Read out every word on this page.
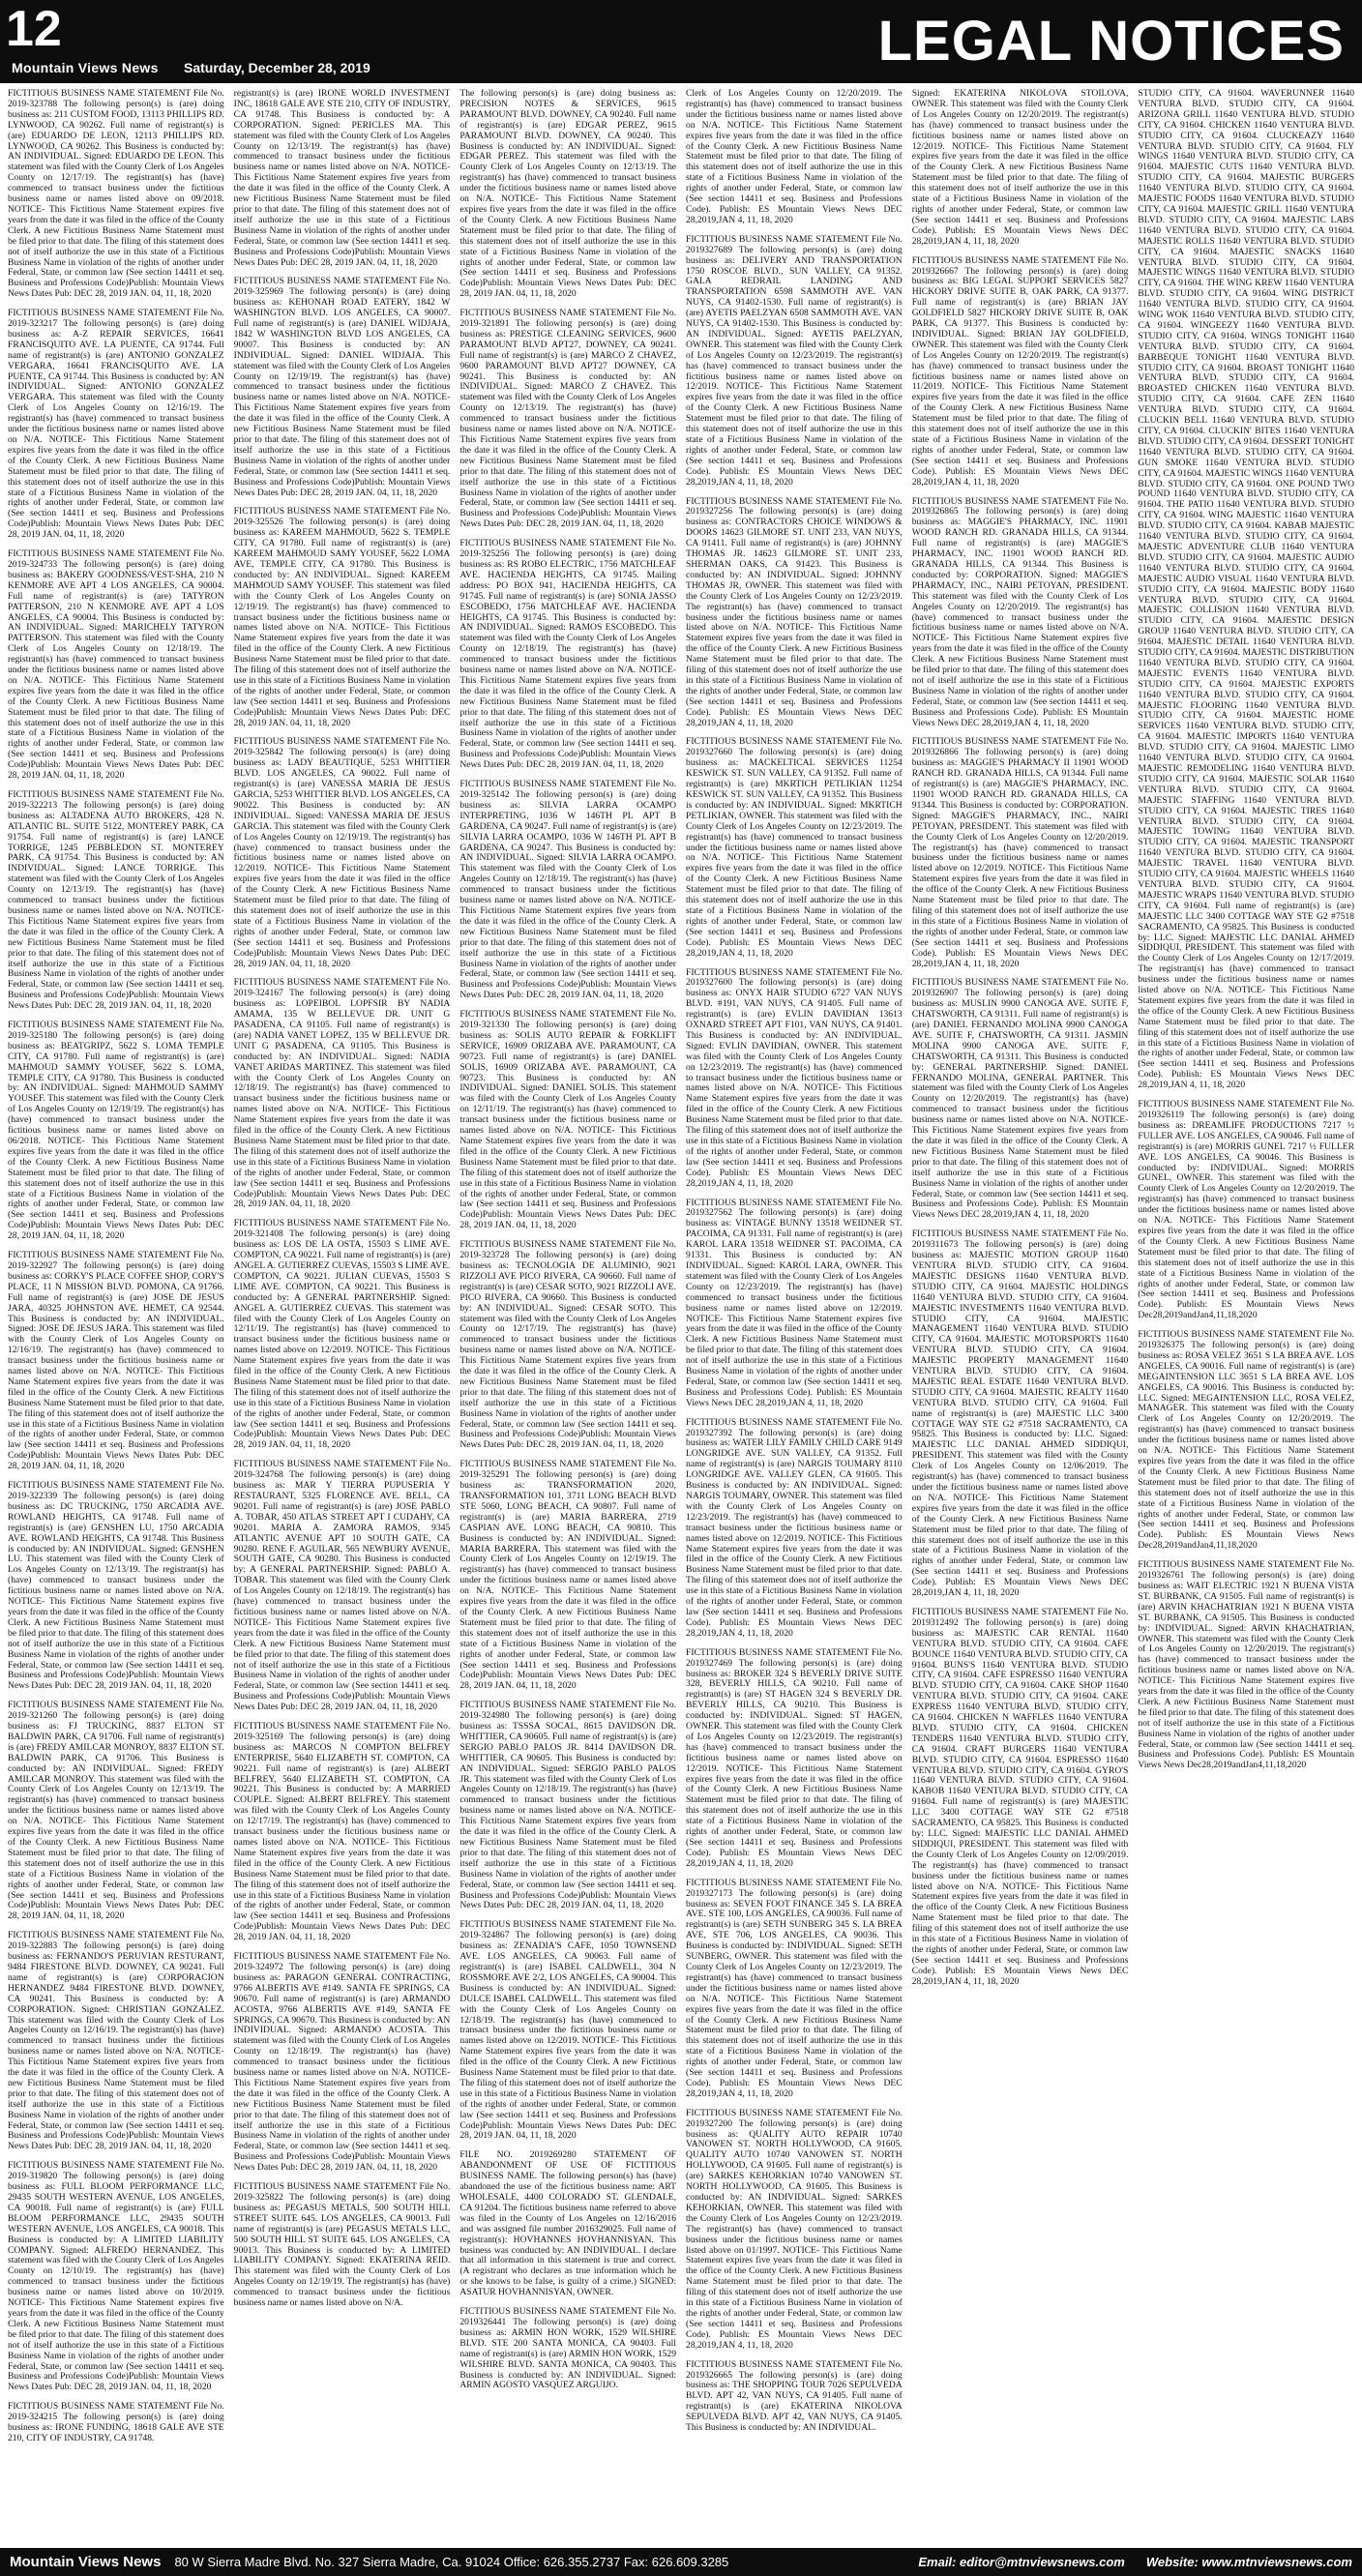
12
Mountain Views News Saturday, December 28, 2019	LEGAL NOTICES
FICTITIOUS BUSINESS NAME STATEMENT File No. 2019-323788 The following person(s) is (are) doing business as: 211 CUSTOM FOOD, 13113 PHILLIPS RD. LYNWOOD, CA 90262. Full name of registrant(s) is (are) EDUARDO DE LEON, 12113 PHILLIPS RD. LYNWOOD, CA 90262. This Business is conducted by: AN INDIVIDUAL. Signed: EDUARDO DE LEON. This statement was filed with the County Clerk of Los Angeles County on 12/17/19. The registrant(s) has (have) commenced to transact business under the fictitious business name or names listed above on 09/2018. NOTICE- This Fictitious Name Statement expires five years from the date it was filed in the office of the County Clerk. A new Fictitious Business Name Statement must be filed prior to that date. The filing of this statement does not of itself authorize the use in this state of a Fictitious Business Name in violation of the rights of another under Federal, State, or common law (See section 14411 et seq. Business and Professions Code)Publish: Mountain Views News Dates Pub: DEC 28, 2019 JAN. 04, 11, 18, 2020
FICTITIOUS BUSINESS NAME STATEMENT File No. 2019-323217 The following person(s) is (are) doing business as: A-Z REPAIR SERVICES, 16641 FRANCISQUITO AVE. LA PUENTE, CA 91744. Full name of registrant(s) is (are) ANTONIO GONZALEZ VERGARA, 16641 FRANCISQUITO AVE. LA PUENTE, CA 91744. This Business is conducted by: AN INDIVIDUAL. Signed: ANTONIO GONZALEZ VERGARA. This statement was filed with the County Clerk of Los Angeles County on 12/16/19. The registrant(s) has (have) commenced to transact business under the fictitious business name or names listed above on N/A. NOTICE- This Fictitious Name Statement expires five years from the date it was filed in the office of the County Clerk. A new Fictitious Business Name Statement must be filed prior to that date. The filing of this statement does not of itself authorize the use in this state of a Fictitious Business Name in violation of the rights of another under Federal, State, or common law (See section 14411 et seq. Business and Professions Code)Publish: Mountain Views News Dates Pub: DEC 28, 2019 JAN. 04, 11, 18, 2020
FICTITIOUS BUSINESS NAME STATEMENT File No. 2019-324733 The following person(s) is (are) doing business as: BAKERY GOODNESS/VEST-SHA, 210 N KENMORE AVE APT 4 LOS ANGELES, CA 90004. Full name of registrant(s) is (are) TATYRON PATTERSON, 210 N KENMORE AVE APT 4 LOS ANGELES, CA 90004. This Business is conducted by: AN INDIVIDUAL. Signed: MARICHELY TATYRON PATTERSON. This statement was filed with the County Clerk of Los Angeles County on 12/18/19. The registrant(s) has (have) commenced to transact business under the fictitious business name or names listed above on N/A. NOTICE- This Fictitious Name Statement expires five years from the date it was filed in the office of the County Clerk. A new Fictitious Business Name Statement must be filed prior to that date. The filing of this statement does not of itself authorize the use in this state of a Fictitious Business Name in violation of the rights of another under Federal, State, or common law (See section 14411 et seq. Business and Professions Code)Publish: Mountain Views News Dates Pub: DEC 28, 2019 JAN. 04, 11, 18, 2020
FICTITIOUS BUSINESS NAME STATEMENT File No. 2019-322213 The following person(s) is (are) doing business as: ALTADENA AUTO BROKERS, 428 N. ATLANTIC BL. SUITE 5122, MONTEREY PARK, CA 91754. Full name of registrant(s) is (are) LANCE TORRIGE, 1245 PEBBLEDON ST. MONTEREY PARK, CA 91754. This Business is conducted by: AN INDIVIDUAL. Signed: LANCE TORRIGE. This statement was filed with the County Clerk of Los Angeles County on 12/13/19. The registrant(s) has (have) commenced to transact business under the fictitious business name or names listed above on N/A. NOTICE- This Fictitious Name Statement expires five years from the date it was filed in the office of the County Clerk. A new Fictitious Business Name Statement must be filed prior to that date. The filing of this statement does not of itself authorize the use in this state of a Fictitious Business Name in violation of the rights of another under Federal, State, or common law (See section 14411 et seq. Business and Professions Code)Publish: Mountain Views News Dates Pub: DEC 28, 2019 JAN. 04, 11, 18, 2020
FICTITIOUS BUSINESS NAME STATEMENT File No. 2019-325180 The following person(s) is (are) doing business as: BEATGRIPZ, 5622 S. LOMA TEMPLE CITY, CA 91780. Full name of registrant(s) is (are) MAHMOUD SAMMY YOUSEF, 5622 S. LOMA, TEMPLE CITY, CA 91780. This Business is conducted by: AN INDIVIDUAL. Signed: MAHMOUD SAMMY YOUSEF. This statement was filed with the County Clerk of Los Angeles County on 12/19/19. The registrant(s) has (have) commenced to transact business under the fictitious business name or names listed above on 06/2018. NOTICE- This Fictitious Name Statement expires five years from the date it was filed in the office of the County Clerk. A new Fictitious Business Name Statement must be filed prior to that date. The filing of this statement does not of itself authorize the use in this state of a Fictitious Business Name in violation of the rights of another under Federal, State, or common law (See section 14411 et seq. Business and Professions Code)Publish: Mountain Views News Dates Pub: DEC 28, 2019 JAN. 04, 11, 18, 2020
FICTITIOUS BUSINESS NAME STATEMENT File No. 2019-322927 The following person(s) is (are) doing business as: CORKY'S PLACE COFFEE SHOP, CORY'S PLACE, 11 N MISSION BLVD. POMONA, CA 91766. Full name of registrant(s) is (are) JOSE DE JESUS JARA, 40325 JOHNSTON AVE. HEMET, CA 92544. This Business is conducted by: AN INDIVIDUAL. Signed: JOSE DE JESUS JARA. This statement was filed with the County Clerk of Los Angeles County on 12/16/19. The registrant(s) has (have) commenced to transact business under the fictitious business name or names listed above on N/A. NOTICE- This Fictitious Name Statement expires five years from the date it was filed in the office of the County Clerk. A new Fictitious Business Name Statement must be filed prior to that date. The filing of this statement does not of itself authorize the use in this state of a Fictitious Business Name in violation of the rights of another under Federal, State, or common law (See section 14411 et seq. Business and Professions Code)Publish: Mountain Views News Dates Pub: DEC 28, 2019 JAN. 04, 11, 18, 2020
FICTITIOUS BUSINESS NAME STATEMENT File No. 2019-322339 The following person(s) is (are) doing business as: DC TRUCKING, 1750 ARCADIA AVE. ROWLAND HEIGHTS, CA 91748. Full name of registrant(s) is (are) GENSHEN LU, 1750 ARCADIA AVE. ROWLAND HEIGHTS, CA 91748. This Business is conducted by: AN INDIVIDUAL. Signed: GENSHEN LU. This statement was filed with the County Clerk of Los Angeles County on 12/13/19. The registrant(s) has (have) commenced to transact business under the fictitious business name or names listed above on N/A. NOTICE- This Fictitious Name Statement expires five years from the date it was filed in the office of the County Clerk. A new Fictitious Business Name Statement must be filed prior to that date. The filing of this statement does not of itself authorize the use in this state of a Fictitious Business Name in violation of the rights of another under Federal, State, or common law (See section 14411 et seq. Business and Professions Code)Publish: Mountain Views News Dates Pub: DEC 28, 2019 JAN. 04, 11, 18, 2020
FICTITIOUS BUSINESS NAME STATEMENT File No. 2019-321260 The following person(s) is (are) doing business as: FJ TRUCKING, 8837 ELTON ST BALDWIN PARK, CA 91706. Full name of registrant(s) is (are) FREDY AMILCAR MONROY, 8837 ELTON ST. BALDWIN PARK, CA 91706. This Business is conducted by: AN INDIVIDUAL. Signed: FREDY AMILCAR MONROY. This statement was filed with the County Clerk of Los Angeles County on 12/13/19. The registrant(s) has (have) commenced to transact business under the fictitious business name or names listed above on N/A. NOTICE- This Fictitious Name Statement expires five years from the date it was filed in the office of the County Clerk. A new Fictitious Business Name Statement must be filed prior to that date. The filing of this statement does not of itself authorize the use in this state of a Fictitious Business Name in violation of the rights of another under Federal, State, or common law (See section 14411 et seq. Business and Professions Code)Publish: Mountain Views News Dates Pub: DEC 28, 2019 JAN. 04, 11, 18, 2020
FICTITIOUS BUSINESS NAME STATEMENT File No. 2019-322883 The following person(s) is (are) doing business as: FERNANDO'S PERUVIAN RESTURANT, 9484 FIRESTONE BLVD. DOWNEY, CA 90241. Full name of registrant(s) is (are) CORPORACION HERNANDEZ 9484 FIRESTONE BLVD. DOWNEY, CA 90241. This Business is conducted by: A CORPORATION. Signed: CHRISTIAN GONZALEZ. This statement was filed with the County Clerk of Los Angeles County on 12/16/19. The registrant(s) has (have) commenced to transact business under the fictitious business name or names listed above on N/A. NOTICE- This Fictitious Name Statement expires five years from the date it was filed in the office of the County Clerk. A new Fictitious Business Name Statement must be filed prior to that date. The filing of this statement does not of itself authorize the use in this state of a Fictitious Business Name in violation of the rights of another under Federal, State, or common law (See section 14411 et seq. Business and Professions Code)Publish: Mountain Views News Dates Pub: DEC 28, 2019 JAN. 04, 11, 18, 2020
FICTITIOUS BUSINESS NAME STATEMENT File No. 2019-319820 The following person(s) is (are) doing business as: FULL BLOOM PERFORMANCE LLC, 29435 SOUTH WESTERN AVENUE, LOS ANGELES, CA 90018. Full name of registrant(s) is (are) FULL BLOOM PERFORMANCE LLC, 29435 SOUTH WESTERN AVENUE, LOS ANGELES, CA 90018. This Business is conducted by: A LIMITED LIABILITY COMPANY. Signed: ALFREDO HERNANDEZ. This statement was filed with the County Clerk of Los Angeles County on 12/10/19. The registrant(s) has (have) commenced to transact business under the fictitious business name or names listed above on 10/2019. NOTICE- This Fictitious Name Statement expires five years from the date it was filed in the office of the County Clerk. A new Fictitious Business Name Statement must be filed prior to that date. The filing of this statement does not of itself authorize the use in this state of a Fictitious Business Name in violation of the rights of another under Federal, State, or common law (See section 14411 et seq. Business and Professions Code)Publish: Mountain Views News Dates Pub: DEC 28, 2019 JAN. 04, 11, 18, 2020
FICTITIOUS BUSINESS NAME STATEMENT File No. 2019-324215 The following person(s) is (are) doing business as: IRONE FUNDING, 18618 GALE AVE STE 210, CITY OF INDUSTRY, CA 91748.
registrant(s) is (are) IRONE WORLD INVESTMENT INC, 18618 GALE AVE STE 210, CITY OF INDUSTRY, CA 91748. This Business is conducted by: A CORPORATION. Signed: PERICLES MA. This statement was filed with the County Clerk of Los Angeles County on 12/13/19. The registrant(s) has (have) commenced to transact business under the fictitious business name or names listed above on N/A. NOTICE- This Fictitious Name Statement expires five years from the date it was filed in the office of the County Clerk. A new Fictitious Business Name Statement must be filed prior to that date. The filing of this statement does not of itself authorize the use in this state of a Fictitious Business Name in violation of the rights of another under Federal, State, or common law (See section 14411 et seq. Business and Professions Code)Publish: Mountain Views News Dates Pub: DEC 28, 2019 JAN. 04, 11, 18, 2020
FICTITIOUS BUSINESS NAME STATEMENT File No. 2019-325969 The following person(s) is (are) doing business as: KEHONAH ROAD EATERY, 1842 W WASHINGTON BLVD. LOS ANGELES, CA 90007. Full name of registrant(s) is (are) DANIEL WIDJAJA, 1842 W WASHINGTON BLVD LOS ANGELES, CA 90007. This Business is conducted by: AN INDIVIDUAL. Signed: DANIEL WIDJAJA. This statement was filed with the County Clerk of Los Angeles County on 12/19/19. The registrant(s) has (have) commenced to transact business under the fictitious business name or names listed above on N/A. NOTICE- This Fictitious Name Statement expires five years from the date it was filed in the office of the County Clerk. A new Fictitious Business Name Statement must be filed prior to that date. The filing of this statement does not of itself authorize the use in this state of a Fictitious Business Name in violation of the rights of another under Federal, State, or common law (See section 14411 et seq. Business and Professions Code)Publish: Mountain Views News Dates Pub: DEC 28, 2019 JAN. 04, 11, 18, 2020
FICTITIOUS BUSINESS NAME STATEMENT File No. 2019-325526 The following person(s) is (are) doing business as: KAREEM MAHMOUD, 5622 S. TEMPLE CITY, CA 91780. Full name of registrant(s) is (are) KAREEM MAHMOUD SAMY YOUSEF, 5622 LOMA AVE, TEMPLE CITY, CA 91780. This Business is conducted by: AN INDIVIDUAL. Signed: KAREEM MAHMOUD SAMY YOUSEF. This statement was filed with the County Clerk of Los Angeles County on 12/19/19. The registrant(s) has (have) commenced to transact business under the fictitious business name or names listed above on N/A. NOTICE- This Fictitious Name Statement expires five years from the date it was filed in the office of the County Clerk. A new Fictitious Business Name Statement must be filed prior to that date. The filing of this statement does not of itself authorize the use in this state of a Fictitious Business Name in violation of the rights of another under Federal, State, or common law (See section 14411 et seq. Business and Professions Code)Publish: Mountain Views News Dates Pub: DEC 28, 2019 JAN. 04, 11, 18, 2020
FICTITIOUS BUSINESS NAME STATEMENT File No. 2019-325842 The following person(s) is (are) doing business as: LADY BEAUTIQUE, 5253 WHITTIER BLVD. LOS ANGELES, CA 90022. Full name of registrant(s) is (are) VANESSA MARIA DE JESUS GARCIA, 5253 WHITTIER BLVD. LOS ANGELES, CA 90022. This Business is conducted by: AN INDIVIDUAL. Signed: VANESSA MARIA DE JESUS GARCIA. This statement was filed with the County Clerk of Los Angeles County on 12/19/19. The registrant(s) has (have) commenced to transact business under the fictitious business name or names listed above on 12/2019. NOTICE- This Fictitious Name Statement expires five years from the date it was filed in the office of the County Clerk. A new Fictitious Business Name Statement must be filed prior to that date. The filing of this statement does not of itself authorize the use in this state of a Fictitious Business Name in violation of the rights of another under Federal, State, or common law (See section 14411 et seq. Business and Professions Code)Publish: Mountain Views News Dates Pub: DEC 28, 2019 JAN. 04, 11, 18, 2020
FICTITIOUS BUSINESS NAME STATEMENT File No. 2019-324167 The following person(s) is (are) doing business as: LOPEIBOL LOPFSIR BY NADIA AMAMA, 135 W BELLEVUE DR. UNIT G PASADENA, CA 91105. Full name of registrant(s) is (are) NADIA VANET LOPEZ, 135 W BELLEVUE DR. UNIT G PASADENA, CA 91105. This Business is conducted by: AN INDIVIDUAL. Signed: NADIA VANET ARIDAS MARTINEZ. This statement was filed with the County Clerk of Los Angeles County on 12/18/19. The registrant(s) has (have) commenced to transact business under the fictitious business name or names listed above on N/A. NOTICE- This Fictitious Name Statement expires five years from the date it was filed in the office of the County Clerk. A new Fictitious Business Name Statement must be filed prior to that date. The filing of this statement does not of itself authorize the use in this state of a Fictitious Business Name in violation of the rights of another under Federal, State, or common law (See section 14411 et seq. Business and Professions Code)Publish: Mountain Views News Dates Pub: DEC 28, 2019 JAN. 04, 11, 18, 2020
FICTITIOUS BUSINESS NAME STATEMENT File No. 2019-321408 The following person(s) is (are) doing business as: LOS DE LA OSTA, 15503 S LIME AVE. COMPTON, CA 90221. Full name of registrant(s) is (are) ANGEL A. GUTIERREZ CUEVAS, 15503 S LIME AVE. COMPTON, CA 90221. JULIAN CUEVAS, 15503 S LIME AVE. COMPTON, CA 90221. This Business is conducted by: A GENERAL PARTNERSHIP. Signed: ANGEL A. GUTIERREZ CUEVAS. This statement was filed with the County Clerk of Los Angeles County on 12/11/19. The registrant(s) has (have) commenced to transact business under the fictitious business name or names listed above on 12/2019. NOTICE- This Fictitious Name Statement expires five years from the date it was filed in the office of the County Clerk. A new Fictitious Business Name Statement must be filed prior to that date. The filing of this statement does not of itself authorize the use in this state of a Fictitious Business Name in violation of the rights of another under Federal, State, or common law (See section 14411 et seq. Business and Professions Code)Publish: Mountain Views News Dates Pub: DEC 28, 2019 JAN. 04, 11, 18, 2020
FICTITIOUS BUSINESS NAME STATEMENT File No. 2019-324768 The following person(s) is (are) doing business as: MAR Y TIERRA PUPUSERIA Y RESTAURANT, 5325 FLORENCE AVE. BELL, CA 90201. Full name of registrant(s) is (are) JOSE PABLO A. TOBAR, 450 ATLAS STREET APT I CUDAHY, CA 90201. MARIA A. ZAMORA RAMOS, 9345 ATLANTIC AVENUE APT 10 SOUTH GATE, CA 90280. RENE F. AGUILAR, 565 NEWBURY AVENUE, SOUTH GATE, CA 90280. This Business is conducted by: A GENERAL PARTNERSHIP. Signed: PABLO A. TOBAR. This statement was filed with the County Clerk of Los Angeles County on 12/18/19. The registrant(s) has (have) commenced to transact business under the fictitious business name or names listed above on N/A. NOTICE- This Fictitious Name Statement expires five years from the date it was filed in the office of the County Clerk. A new Fictitious Business Name Statement must be filed prior to that date. The filing of this statement does not of itself authorize the use in this state of a Fictitious Business Name in violation of the rights of another under Federal, State, or common law (See section 14411 et seq. Business and Professions Code)Publish: Mountain Views News Dates Pub: DEC 28, 2019 JAN. 04, 11, 18, 2020
FICTITIOUS BUSINESS NAME STATEMENT File No. 2019-325169 The following person(s) is (are) doing business as: MARCOS N COMPTON BELFREY ENTERPRISE, 5640 ELIZABETH ST. COMPTON, CA 90221. Full name of registrant(s) is (are) ALBERT BELFREY, 5640 ELIZABETH ST. COMPTON, CA 90221. This Business is conducted by: A MARRIED COUPLE. Signed: ALBERT BELFREY. This statement was filed with the County Clerk of Los Angeles County on 12/17/19. The registrant(s) has (have) commenced to transact business under the fictitious business name or names listed above on N/A. NOTICE- This Fictitious Name Statement expires five years from the date it was filed in the office of the County Clerk. A new Fictitious Business Name Statement must be filed prior to that date. The filing of this statement does not of itself authorize the use in this state of a Fictitious Business Name in violation of the rights of another under Federal, State, or common law (See section 14411 et seq. Business and Professions Code)Publish: Mountain Views News Dates Pub: DEC 28, 2019 JAN. 04, 11, 18, 2020
FICTITIOUS BUSINESS NAME STATEMENT File No. 2019-324972 The following person(s) is (are) doing business as: PARAGON GENERAL CONTRACTING, 9766 ALBERTIS AVE #149. SANTA FE SPRINGS, CA 90670. Full name of registrant(s) is (are) ARMANDO ACOSTA, 9766 ALBERTIS AVE #149, SANTA FE SPRINGS, CA 90670. This Business is conducted by: AN INDIVIDUAL. Signed: ARMANDO ACOSTA. This statement was filed with the County Clerk of Los Angeles County on 12/18/19. The registrant(s) has (have) commenced to transact business under the fictitious business name or names listed above on N/A. NOTICE- This Fictitious Name Statement expires five years from the date it was filed in the office of the County Clerk. A new Fictitious Business Name Statement must be filed prior to that date. The filing of this statement does not of itself authorize the use in this state of a Fictitious Business Name in violation of the rights of another under Federal, State, or common law (See section 14411 et seq. Business and Professions Code)Publish: Mountain Views News Dates Pub: DEC 28, 2019 JAN. 04, 11, 18, 2020
FICTITIOUS BUSINESS NAME STATEMENT File No. 2019-325822 The following person(s) is (are) doing business as: PEGASUS METALS, 500 SOUTH HILL STREET SUITE 645. LOS ANGELES, CA 90013. Full name of registrant(s) is (are) PEGASUS METALS LLC, 500 SOUTH HILL ST SUITE 645. LOS ANGELES, CA 90013. This Business is conducted by: A LIMITED LIABILITY COMPANY. Signed: EKATERINA REID. This statement was filed with the County Clerk of Los Angeles County on 12/19/19. The registrant(s) has (have) commenced to transact business under the fictitious business name or names listed above on N/A.
The following person(s) is (are) doing business as: PRECISION NOTES & SERVICES, 9615 PARAMOUNT BLVD. DOWNEY, CA 90240. Full name of registrant(s) is (are) EDGAR PEREZ, 9615 PARAMOUNT BLVD. DOWNEY, CA 90240. This Business is conducted by: AN INDIVIDUAL. Signed: EDGAR PEREZ. This statement was filed with the County Clerk of Los Angeles County on 12/13/19. The registrant(s) has (have) commenced to transact business under the fictitious business name or names listed above on N/A. NOTICE- This Fictitious Name Statement expires five years from the date it was filed in the office of the County Clerk. A new Fictitious Business Name Statement must be filed prior to that date. The filing of this statement does not of itself authorize the use in this state of a Fictitious Business Name in violation of the rights of another under Federal, State, or common law (See section 14411 et seq. Business and Professions Code)Publish: Mountain Views News Dates Pub: DEC 28, 2019 JAN. 04, 11, 18, 2020
FICTITIOUS BUSINESS NAME STATEMENT File No. 2019-321891 The following person(s) is (are) doing business as: PRESTIGE CLEANING SERVICES, 9600 PARAMOUNT BLVD APT27, DOWNEY, CA 90241. Full name of registrant(s) is (are) MARCO Z CHAVEZ, 9600 PARAMOUNT BLVD APT27 DOWNEY, CA 90241. This Business is conducted by: AN INDIVIDUAL. Signed: MARCO Z CHAVEZ. This statement was filed with the County Clerk of Los Angeles County on 12/13/19. The registrant(s) has (have) commenced to transact business under the fictitious business name or names listed above on N/A. NOTICE- This Fictitious Name Statement expires five years from the date it was filed in the office of the County Clerk. A new Fictitious Business Name Statement must be filed prior to that date. The filing of this statement does not of itself authorize the use in this state of a Fictitious Business Name in violation of the rights of another under Federal, State, or common law (See section 14411 et seq. Business and Professions Code)Publish: Mountain Views News Dates Pub: DEC 28, 2019 JAN. 04, 11, 18, 2020
FICTITIOUS BUSINESS NAME STATEMENT File No. 2019-325256 The following person(s) is (are) doing business as: RS ROBO ELECTRIC, 1756 MATCHLEAF AVE. HACIENDA HEIGHTS, CA 91745. Mailing address: PO BOX 941, HACIENDA HEIGHTS, CA 91745. Full name of registrant(s) is (are) SONIA JASSO ESCOBEDO, 1756 MATCHLEAF AVE. HACIENDA HEIGHTS, CA 91745. This Business is conducted by: AN INDIVIDUAL. Signed: RAMOS ESCOBEDO. This statement was filed with the County Clerk of Los Angeles County on 12/18/19. The registrant(s) has (have) commenced to transact business under the fictitious business name or names listed above on N/A. NOTICE- This Fictitious Name Statement expires five years from the date it was filed in the office of the County Clerk. A new Fictitious Business Name Statement must be filed prior to that date. The filing of this statement does not of itself authorize the use in this state of a Fictitious Business Name in violation of the rights of another under Federal, State, or common law (See section 14411 et seq. Business and Professions Code)Publish: Mountain Views News Dates Pub: DEC 28, 2019 JAN. 04, 11, 18, 2020
FICTITIOUS BUSINESS NAME STATEMENT File No. 2019-325142 The following person(s) is (are) doing business as: SILVIA LARRA OCAMPO INTERPRETING, 1036 W 146TH PL APT B GARDENA, CA 90247. Full name of registrant(s) is (are) SILVIA LARRA OCAMPO, 1036 W 146TH PL APT B GARDENA, CA 90247. This Business is conducted by: AN INDIVIDUAL. Signed: SILVIA LARRA OCAMPO. This statement was filed with the County Clerk of Los Angeles County on 12/18/19. The registrant(s) has (have) commenced to transact business under the fictitious business name or names listed above on N/A. NOTICE- This Fictitious Name Statement expires five years from the date it was filed in the office of the County Clerk. A new Fictitious Business Name Statement must be filed prior to that date. The filing of this statement does not of itself authorize the use in this state of a Fictitious Business Name in violation of the rights of another under Federal, State, or common law (See section 14411 et seq. Business and Professions Code)Publish: Mountain Views News Dates Pub: DEC 28, 2019 JAN. 04, 11, 18, 2020
FICTITIOUS BUSINESS NAME STATEMENT File No. 2019-321330 The following person(s) is (are) doing business as: SOLIS AUTO REPAIR & FORKLIFT SERVICE, 16909 ORIZABA AVE. PARAMOUNT, CA 90723. Full name of registrant(s) is (are) DANIEL SOLIS, 16909 ORIZABA AVE. PARAMOUNT, CA 90723. This Business is conducted by: AN INDIVIDUAL. Signed: DANIEL SOLIS. This statement was filed with the County Clerk of Los Angeles County on 12/11/19. The registrant(s) has (have) commenced to transact business under the fictitious business name or names listed above on N/A. NOTICE- This Fictitious Name Statement expires five years from the date it was filed in the office of the County Clerk. A new Fictitious Business Name Statement must be filed prior to that date. The filing of this statement does not of itself authorize the use in this state of a Fictitious Business Name in violation of the rights of another under Federal, State, or common law (See section 14411 et seq. Business and Professions Code)Publish: Mountain Views News Dates Pub: DEC 28, 2019 JAN. 04, 11, 18, 2020
FICTITIOUS BUSINESS NAME STATEMENT File No. 2019-323728 The following person(s) is (are) doing business as: TECNOLOGIA DE ALUMINIO, 9021 RIZZOLI AVE PICO RIVERA, CA 90660. Full name of registrant(s) is (are) CESAR SOTO, 9021 RIZZOLI AVE. PICO RIVERA, CA 90660. This Business is conducted by: AN INDIVIDUAL. Signed: CESAR SOTO. This statement was filed with the County Clerk of Los Angeles County on 12/17/19. The registrant(s) has (have) commenced to transact business under the fictitious business name or names listed above on N/A. NOTICE- This Fictitious Name Statement expires five years from the date it was filed in the office of the County Clerk. A new Fictitious Business Name Statement must be filed prior to that date. The filing of this statement does not of itself authorize the use in this state of a Fictitious Business Name in violation of the rights of another under Federal, State, or common law (See section 14411 et seq. Business and Professions Code)Publish: Mountain Views News Dates Pub: DEC 28, 2019 JAN. 04, 11, 18, 2020
FICTITIOUS BUSINESS NAME STATEMENT File No. 2019-325291 The following person(s) is (are) doing business as: TRANSFORMATION 2020, TRANSFORMATION 101, 3711 LONG BEACH BLVD STE 5060, LONG BEACH, CA 90807. Full name of registrant(s) is (are) MARIA BARRERA, 2719 CASPIAN AVE. LONG BEACH, CA 90810. This Business is conducted by: AN INDIVIDUAL. Signed: MARIA BARRERA. This statement was filed with the County Clerk of Los Angeles County on 12/19/19. The registrant(s) has (have) commenced to transact business under the fictitious business name or names listed above on N/A. NOTICE- This Fictitious Name Statement expires five years from the date it was filed in the office of the County Clerk. A new Fictitious Business Name Statement must be filed prior to that date. The filing of this statement does not of itself authorize the use in this state of a Fictitious Business Name in violation of the rights of another under Federal, State, or common law (See section 14411 et seq. Business and Professions Code)Publish: Mountain Views News Dates Pub: DEC 28, 2019 JAN. 04, 11, 18, 2020
FICTITIOUS BUSINESS NAME STATEMENT File No. 2019-324980 The following person(s) is (are) doing business as: TSSSA SOCAL, 8615 DAVIDSON DR. WHITTIER, CA 90605. Full name of registrant(s) is (are) SERGIO PABLO PALOS JR. 8414 DAVIDSON DR. WHITTIER, CA 90605. This Business is conducted by: AN INDIVIDUAL. Signed: SERGIO PABLO PALOS JR. This statement was filed with the County Clerk of Los Angeles County on 12/18/19. The registrant(s) has (have) commenced to transact business under the fictitious business name or names listed above on N/A. NOTICE- This Fictitious Name Statement expires five years from the date it was filed in the office of the County Clerk. A new Fictitious Business Name Statement must be filed prior to that date. The filing of this statement does not of itself authorize the use in this state of a Fictitious Business Name in violation of the rights of another under Federal, State, or common law (See section 14411 et seq. Business and Professions Code)Publish: Mountain Views News Dates Pub: DEC 28, 2019 JAN. 04, 11, 18, 2020
FICTITIOUS BUSINESS NAME STATEMENT File No. 2019-324867 The following person(s) is (are) doing business as: ZENADIA'S CAFE, 1050 TOWNSEND AVE. LOS ANGELES, CA 90063. Full name of registrant(s) is (are) ISABEL CALDWELL, 304 N ROSSMORE AVE 2/2, LOS ANGELES, CA 90004. This Business is conducted by: AN INDIVIDUAL. Signed: DULCE ISABEL CALDWELL. This statement was filed with the County Clerk of Los Angeles County on 12/18/19. The registrant(s) has (have) commenced to transact business under the fictitious business name or names listed above on 12/2019. NOTICE- This Fictitious Name Statement expires five years from the date it was filed in the office of the County Clerk. A new Fictitious Business Name Statement must be filed prior to that date. The filing of this statement does not of itself authorize the use in this state of a Fictitious Business Name in violation of the rights of another under Federal, State, or common law (See section 14411 et seq. Business and Professions Code)Publish: Mountain Views News Dates Pub: DEC 28, 2019 JAN. 04, 11, 18, 2020
FILE NO. 2019269280 STATEMENT OF ABANDONMENT OF USE OF FICTITIOUS BUSINESS NAME. The following person(s) has (have) abandoned the use of the fictitious business name: ART WHOLESALE, 4400 COLORADO ST. GLENDALE, CA 91204. The fictitious business name referred to above was filed in the County of Los Angeles on 12/16/2016 and was assigned file number 2016329025. Full name of registrant(s): HOVHANNES HOVHANNISYAN. This business was conducted by: AN INDIVIDUAL. I declare that all information in this statement is true and correct. (A registrant who declares as true information which he or she knows to be false, is guilty of a crime.) SIGNED: ASATUR HOVHANNISYAN, OWNER.
FICTITIOUS BUSINESS NAME STATEMENT File No. 2019326441 The following person(s) is (are) doing business as: ARMIN HON WORK, 1529 WILSHIRE BLVD. STE 200 SANTA MONICA, CA 90403. Full name of registrant(s) is (are) ARMIN HON WORK, 1529 WILSHIRE BLVD. SANTA MONICA, CA 90403. This Business is conducted by: AN INDIVIDUAL. Signed: ARMIN AGOSTO VASQUEZ ARGUIJO.
Clerk of Los Angeles County on 12/20/2019. The registrant(s) has (have) commenced to transact business under the fictitious business name or names listed above on N/A. NOTICE- This Fictitious Name Statement expires five years from the date it was filed in the office of the County Clerk. A new Fictitious Business Name Statement must be filed prior to that date. The filing of this statement does not of itself authorize the use in this state of a Fictitious Business Name in violation of the rights of another under Federal, State, or common law (See section 14411 et seq. Business and Professions Code). Publish: ES Mountain Views News DEC 28,2019,JAN 4, 11, 18, 2020
FICTITIOUS BUSINESS NAME STATEMENT File No. 2019327689 The following person(s) is (are) doing business as: DELIVERY AND TRANSPORTATION 1750 ROSCOE BLVD., SUN VALLEY, CA 91352. GALA REDRAIL LANDING AND TRANSPORTATION 6598 SAMMOTH AVE. VAN NUYS, CA 91402-1530. Full name of registrant(s) is (are) AYETIS PAELZYAN 6508 SAMMOTH AVE. VAN NUYS, CA 91402-1530. This Business is conducted by: AN INDIVIDUAL. Signed: AYETIS PAELZYAN, OWNER. This statement was filed with the County Clerk of Los Angeles County on 12/23/2019. The registrant(s) has (have) commenced to transact business under the fictitious business name or names listed above on 12/2019. NOTICE- This Fictitious Name Statement expires five years from the date it was filed in the office of the County Clerk. A new Fictitious Business Name Statement must be filed prior to that date. The filing of this statement does not of itself authorize the use in this state of a Fictitious Business Name in violation of the rights of another under Federal, State, or common law (See section 14411 et seq. Business and Professions Code). Publish: ES Mountain Views News DEC 28,2019,JAN 4, 11, 18, 2020
FICTITIOUS BUSINESS NAME STATEMENT File No. 2019327256 The following person(s) is (are) doing business as: CONTRACTORS CHOICE WINDOWS & DOORS 14623 GILMORE ST. UNIT 233, VAN NUYS, CA 91411. Full name of registrant(s) is (are) JOHNNY THOMAS JR. 14623 GILMORE ST. UNIT 233, SHERMAN OAKS, CA 91423. This Business is conducted by: AN INDIVIDUAL. Signed: JOHNNY THOMAS JR, OWNER. This statement was filed with the County Clerk of Los Angeles County on 12/23/2019. The registrant(s) has (have) commenced to transact business under the fictitious business name or names listed above on N/A. NOTICE- This Fictitious Name Statement expires five years from the date it was filed in the office of the County Clerk. A new Fictitious Business Name Statement must be filed prior to that date. The filing of this statement does not of itself authorize the use in this state of a Fictitious Business Name in violation of the rights of another under Federal, State, or common law (See section 14411 et seq. Business and Professions Code). Publish: ES Mountain Views News DEC 28,2019,JAN 4, 11, 18, 2020
FICTITIOUS BUSINESS NAME STATEMENT File No. 2019327660 The following person(s) is (are) doing business as: MACKELTICAL SERVICES 11254 KESWICK ST. SUN VALLEY, CA 91352. Full name of registrant(s) is (are) MKRTICH PETLIKIAN 11254 KESWICK ST. SUN VALLEY, CA 91352. This Business is conducted by: AN INDIVIDUAL. Signed: MKRTICH PETLIKIAN, OWNER. This statement was filed with the County Clerk of Los Angeles County on 12/23/2019. The registrant(s) has (have) commenced to transact business under the fictitious business name or names listed above on N/A. NOTICE- This Fictitious Name Statement expires five years from the date it was filed in the office of the County Clerk. A new Fictitious Business Name Statement must be filed prior to that date. The filing of this statement does not of itself authorize the use in this state of a Fictitious Business Name in violation of the rights of another under Federal, State, or common law (See section 14411 et seq. Business and Professions Code). Publish: ES Mountain Views News DEC 28,2019,JAN 4, 11, 18, 2020
FICTITIOUS BUSINESS NAME STATEMENT File No. 2019327600 The following person(s) is (are) doing business as: ONYX HAIR STUDIO 6727 VAN NUYS BLVD. #191, VAN NUYS, CA 91405. Full name of registrant(s) is (are) EVLIN DAVIDIAN 13613 OXNARD STREET APT F101, VAN NUYS, CA 91401. This Business is conducted by: AN INDIVIDUAL. Signed: EVLIN DAVIDIAN, OWNER. This statement was filed with the County Clerk of Los Angeles County on 12/23/2019. The registrant(s) has (have) commenced to transact business under the fictitious business name or names listed above on N/A. NOTICE- This Fictitious Name Statement expires five years from the date it was filed in the office of the County Clerk. A new Fictitious Business Name Statement must be filed prior to that date. The filing of this statement does not of itself authorize the use in this state of a Fictitious Business Name in violation of the rights of another under Federal, State, or common law (See section 14411 et seq. Business and Professions Code). Publish: ES Mountain Views News DEC 28,2019,JAN 4, 11, 18, 2020
FICTITIOUS BUSINESS NAME STATEMENT File No. 2019327562 The following person(s) is (are) doing business as: VINTAGE BUNNY 13518 WEIDNER ST. PACOIMA, CA 91331. Full name of registrant(s) is (are) KAROL LARA 13518 WEIDNER ST. PACOIMA, CA 91331. This Business is conducted by: AN INDIVIDUAL. Signed: KAROL LARA, OWNER. This statement was filed with the County Clerk of Los Angeles County on 12/23/2019. The registrant(s) has (have) commenced to transact business under the fictitious business name or names listed above on 12/2019. NOTICE- This Fictitious Name Statement expires five years from the date it was filed in the office of the County Clerk. A new Fictitious Business Name Statement must be filed prior to that date. The filing of this statement does not of itself authorize the use in this state of a Fictitious Business Name in violation of the rights of another under Federal, State, or common law (See section 14411 et seq. Business and Professions Code). Publish: ES Mountain Views News DEC 28,2019,JAN 4, 11, 18, 2020
FICTITIOUS BUSINESS NAME STATEMENT File No. 2019327392 The following person(s) is (are) doing business as: WATER LILY FAMILY CHILD CARE 9149 LONGRIDGE AVE. SUN VALLEY, CA 91352. Full name of registrant(s) is (are) NARGIS TOUMARY 8110 LONGRIDGE AVE. VALLEY GLEN, CA 91605. This Business is conducted by: AN INDIVIDUAL. Signed: NARGIS TOUMARY, OWNER. This statement was filed with the County Clerk of Los Angeles County on 12/23/2019. The registrant(s) has (have) commenced to transact business under the fictitious business name or names listed above on 12/2019. NOTICE- This Fictitious Name Statement expires five years from the date it was filed in the office of the County Clerk. A new Fictitious Business Name Statement must be filed prior to that date. The filing of this statement does not of itself authorize the use in this state of a Fictitious Business Name in violation of the rights of another under Federal, State, or common law (See section 14411 et seq. Business and Professions Code). Publish: ES Mountain Views News DEC 28,2019,JAN 4, 11, 18, 2020
FICTITIOUS BUSINESS NAME STATEMENT File No. 2019327469 The following person(s) is (are) doing business as: BROKER 324 S BEVERLY DRIVE SUITE 328, BEVERLY HILLS, CA 90210. Full name of registrant(s) is (are) ST HAGEN 324 S BEVERLY DR. BEVERLY HILLS, CA 90210. This Business is conducted by: INDIVIDUAL. Signed: ST HAGEN, OWNER. This statement was filed with the County Clerk of Los Angeles County on 12/23/2019. The registrant(s) has (have) commenced to transact business under the fictitious business name or names listed above on 12/2019. NOTICE- This Fictitious Name Statement expires five years from the date it was filed in the office of the County Clerk. A new Fictitious Business Name Statement must be filed prior to that date. The filing of this statement does not of itself authorize the use in this state of a Fictitious Business Name in violation of the rights of another under Federal, State, or common law (See section 14411 et seq. Business and Professions Code). Publish: ES Mountain Views News DEC 28,2019,JAN 4, 11, 18, 2020
FICTITIOUS BUSINESS NAME STATEMENT File No. 2019327173 The following person(s) is (are) doing business as: SEVEN FOOT FINANCE 345 S. LA BREA AVE. STE 100, LOS ANGELES, CA 90036. Full name of registrant(s) is (are) SETH SUNBERG 345 S. LA BREA AVE, STE 706, LOS ANGELES, CA 90036. This Business is conducted by: INDIVIDUAL. Signed: SETH SUNBERG, OWNER. This statement was filed with the County Clerk of Los Angeles County on 12/23/2019. The registrant(s) has (have) commenced to transact business under the fictitious business name or names listed above on N/A. NOTICE- This Fictitious Name Statement expires five years from the date it was filed in the office of the County Clerk. A new Fictitious Business Name Statement must be filed prior to that date. The filing of this statement does not of itself authorize the use in this state of a Fictitious Business Name in violation of the rights of another under Federal, State, or common law (See section 14411 et seq. Business and Professions Code). Publish: ES Mountain Views News DEC 28,2019,JAN 4, 11, 18, 2020
FICTITIOUS BUSINESS NAME STATEMENT File No. 2019327200 The following person(s) is (are) doing business as: QUALITY AUTO REPAIR 10740 VANOWEN ST. NORTH HOLLYWOOD, CA 91605. QUALITY AUTO 10740 VANOWEN ST. NORTH HOLLYWOOD, CA 91605. Full name of registrant(s) is (are) SARKES KEHORKIAN 10740 VANOWEN ST. NORTH HOLLYWOOD, CA 91605. This Business is conducted by: AN INDIVIDUAL. Signed: SARKES KEHORKIAN, OWNER. This statement was filed with the County Clerk of Los Angeles County on 12/23/2019. The registrant(s) has (have) commenced to transact business under the fictitious business name or names listed above on 01/1997. NOTICE- This Fictitious Name Statement expires five years from the date it was filed in the office of the County Clerk. A new Fictitious Business Name Statement must be filed prior to that date. The filing of this statement does not of itself authorize the use in this state of a Fictitious Business Name in violation of the rights of another under Federal, State, or common law (See section 14411 et seq. Business and Professions Code). Publish: ES Mountain Views News DEC 28,2019,JAN 4, 11, 18, 2020
FICTITIOUS BUSINESS NAME STATEMENT File No. 2019326665 The following person(s) is (are) doing business as: THE SHOPPING TOUR 7026 SEPULVEDA BLVD. APT 42, VAN NUYS, CA 91405. Full name of registrant(s) is (are) EKATERINA NIKOLOVA SEPULVEDA BLVD. APT 42, VAN NUYS, CA 91405. This Business is conducted by: AN INDIVIDUAL.
Signed: EKATERINA NIKOLOVA STOILOVA, OWNER. This statement was filed with the County Clerk of Los Angeles County on 12/20/2019. The registrant(s) has (have) commenced to transact business under the fictitious business name or names listed above on 12/2019. NOTICE- This Fictitious Name Statement expires five years from the date it was filed in the office of the County Clerk. A new Fictitious Business Name Statement must be filed prior to that date. The filing of this statement does not of itself authorize the use in this state of a Fictitious Business Name in violation of the rights of another under Federal, State, or common law (See section 14411 et seq. Business and Professions Code). Publish: ES Mountain Views News DEC 28,2019,JAN 4, 11, 18, 2020
FICTITIOUS BUSINESS NAME STATEMENT File No. 2019326667 The following person(s) is (are) doing business as: BIG LEGAL SUPPORT SERVICES 5827 HICKORY DRIVE SUITE B, OAK PARK, CA 91377. Full name of registrant(s) is (are) BRIAN JAY GOLDFIELD 5827 HICKORY DRIVE SUITE B, OAK PARK, CA 91377. This Business is conducted by: INDIVIDUAL. Signed: BRIAN JAY GOLDFIELD, OWNER. This statement was filed with the County Clerk of Los Angeles County on 12/20/2019. The registrant(s) has (have) commenced to transact business under the fictitious business name or names listed above on 11/2019. NOTICE- This Fictitious Name Statement expires five years from the date it was filed in the office of the County Clerk. A new Fictitious Business Name Statement must be filed prior to that date. The filing of this statement does not of itself authorize the use in this state of a Fictitious Business Name in violation of the rights of another under Federal, State, or common law (See section 14411 et seq. Business and Professions Code). Publish: ES Mountain Views News DEC 28,2019,JAN 4, 11, 18, 2020
FICTITIOUS BUSINESS NAME STATEMENT File No. 2019326865 The following person(s) is (are) doing business as: MAGGIE'S PHARMACY, INC. 11901 WOOD RANCH RD. GRANADA HILLS, CA 91344. Full name of registrant(s) is (are) MAGGIE'S PHARMACY, INC. 11901 WOOD RANCH RD. GRANADA HILLS, CA 91344. This Business is conducted by: CORPORATION. Signed: MAGGIE'S PHARMACY, INC., NAIRI PETOYAN, PRESIDENT. This statement was filed with the County Clerk of Los Angeles County on 12/20/2019. The registrant(s) has (have) commenced to transact business under the fictitious business name or names listed above on N/A. NOTICE- This Fictitious Name Statement expires five years from the date it was filed in the office of the County Clerk. A new Fictitious Business Name Statement must be filed prior to that date. The filing of this statement does not of itself authorize the use in this state of a Fictitious Business Name in violation of the rights of another under Federal, State, or common law (See section 14411 et seq. Business and Professions Code). Publish: ES Mountain Views News DEC 28,2019,JAN 4, 11, 18, 2020
FICTITIOUS BUSINESS NAME STATEMENT File No. 2019326866 The following person(s) is (are) doing business as: MAGGIE'S PHARMACY II 11901 WOOD RANCH RD. GRANADA HILLS, CA 91344. Full name of registrant(s) is (are) MAGGIE'S PHARMACY, INC. 11901 WOOD RANCH RD. GRANADA HILLS, CA 91344. This Business is conducted by: CORPORATION. Signed: MAGGIE'S PHARMACY, INC., NAIRI PETOYAN, PRESIDENT. This statement was filed with the County Clerk of Los Angeles County on 12/20/2019. The registrant(s) has (have) commenced to transact business under the fictitious business name or names listed above on 12/2019. NOTICE- This Fictitious Name Statement expires five years from the date it was filed in the office of the County Clerk. A new Fictitious Business Name Statement must be filed prior to that date. The filing of this statement does not of itself authorize the use in this state of a Fictitious Business Name in violation of the rights of another under Federal, State, or common law (See section 14411 et seq. Business and Professions Code). Publish: ES Mountain Views News DEC 28,2019,JAN 4, 11, 18, 2020
FICTITIOUS BUSINESS NAME STATEMENT File No. 2019326907 The following person(s) is (are) doing business as: MUSLIN 9900 CANOGA AVE. SUITE F, CHATSWORTH, CA 91311. Full name of registrant(s) is (are) DANIEL FERNANDO MOLINA 9900 CANOGA AVE. SUITE F, CHATSWORTH, CA 91311. JASMIN MOLINA 9900 CANOGA AVE. SUITE F, CHATSWORTH, CA 91311. This Business is conducted by: GENERAL PARTNERSHIP. Signed: DANIEL FERNANDO MOLINA, GENERAL PARTNER. This statement was filed with the County Clerk of Los Angeles County on 12/20/2019. The registrant(s) has (have) commenced to transact business under the fictitious business name or names listed above on N/A. NOTICE- This Fictitious Name Statement expires five years from the date it was filed in the office of the County Clerk. A new Fictitious Business Name Statement must be filed prior to that date. The filing of this statement does not of itself authorize the use in this state of a Fictitious Business Name in violation of the rights of another under Federal, State, or common law (See section 14411 et seq. Business and Professions Code). Publish: ES Mountain Views News DEC 28,2019,JAN 4, 11, 18, 2020
FICTITIOUS BUSINESS NAME STATEMENT File No. 2019311673 The following person(s) is (are) doing business as: MAJESTIC MOTION GROUP 11640 VENTURA BLVD. STUDIO CITY, CA 91604. MAJESTIC DESIGNS 11640 VENTURA BLVD. STUDIO CITY, CA 91604. MAJESTIC HOLDINGS 11640 VENTURA BLVD. STUDIO CITY, CA 91604. MAJESTIC INVESTMENTS 11640 VENTURA BLVD. STUDIO CITY, CA 91604. MAJESTIC MANAGEMENT 11640 VENTURA BLVD. STUDIO CITY, CA 91604. MAJESTIC MOTORSPORTS 11640 VENTURA BLVD. STUDIO CITY, CA 91604. MAJESTIC PROPERTY MANAGEMENT 11640 VENTURA BLVD. STUDIO CITY, CA 91604. MAJESTIC REAL ESTATE 11640 VENTURA BLVD. STUDIO CITY, CA 91604. MAJESTIC REALTY 11640 VENTURA BLVD. STUDIO CITY, CA 91604. Full name of registrant(s) is (are) MAJESTIC LLC 3400 COTTAGE WAY STE G2 #7518 SACRAMENTO, CA 95825. This Business is conducted by: LLC. Signed: MAJESTIC LLC DANIAL AHMED SIDDIQUI, PRESIDENT. This statement was filed with the County Clerk of Los Angeles County on 12/06/2019. The registrant(s) has (have) commenced to transact business under the fictitious business name or names listed above on N/A. NOTICE- This Fictitious Name Statement expires five years from the date it was filed in the office of the County Clerk. A new Fictitious Business Name Statement must be filed prior to that date. The filing of this statement does not of itself authorize the use in this state of a Fictitious Business Name in violation of the rights of another under Federal, State, or common law (See section 14411 et seq. Business and Professions Code). Publish: ES Mountain Views News DEC 28,2019,JAN 4, 11, 18, 2020
FICTITIOUS BUSINESS NAME STATEMENT File No. 2019312492 The following person(s) is (are) doing business as: MAJESTIC CAR RENTAL 11640 VENTURA BLVD. STUDIO CITY, CA 91604. CAFE BOUNCE 11640 VENTURA BLVD. STUDIO CITY, CA 91604. BUNS'S 11640 VENTURA BLVD. STUDIO CITY, CA 91604. CAFE ESPRESSO 11640 VENTURA BLVD. STUDIO CITY, CA 91604. CAKE SHOP 11640 VENTURA BLVD. STUDIO CITY, CA 91604. CAKE EXPRESS 11640 VENTURA BLVD. STUDIO CITY, CA 91604. CHICKEN N WAFFLES 11640 VENTURA BLVD. STUDIO CITY, CA 91604. CHICKEN TENDERS 11640 VENTURA BLVD. STUDIO CITY, CA 91604. CRAFT BURGERS 11640 VENTURA BLVD. STUDIO CITY, CA 91604. ESPRESSO 11640 VENTURA BLVD. STUDIO CITY, CA 91604. GYRO'S 11640 VENTURA BLVD. STUDIO CITY, CA 91604. KABOB 11640 VENTURA BLVD. STUDIO CITY, CA 91604. Full name of registrant(s) is (are) MAJESTIC LLC 3400 COTTAGE WAY STE G2 #7518 SACRAMENTO, CA 95825. This Business is conducted by: LLC. Signed: MAJESTIC LLC DANIAL AHMED SIDDIQUI, PRESIDENT. This statement was filed with the County Clerk of Los Angeles County on 12/09/2019. The registrant(s) has (have) commenced to transact business under the fictitious business name or names listed above on N/A. NOTICE- This Fictitious Name Statement expires five years from the date it was filed in the office of the County Clerk. A new Fictitious Business Name Statement must be filed prior to that date. The filing of this statement does not of itself authorize the use in this state of a Fictitious Business Name in violation of the rights of another under Federal, State, or common law (See section 14411 et seq. Business and Professions Code). Publish: ES Mountain Views News DEC 28,2019,JAN 4, 11, 18, 2020
STUDIO CITY, CA 91604. WAVERUNNER 11640 VENTURA BLVD. STUDIO CITY, CA 91604. ARIZONA GRILL 11640 VENTURA BLVD. STUDIO CITY, CA 91604. CHICKEN 11640 VENTURA BLVD. STUDIO CITY, CA 91604. CLUCKEAZY 11640 VENTURA BLVD. STUDIO CITY, CA 91604. FLY WINGS 11640 VENTURA BLVD. STUDIO CITY, CA 91604. MAJESTIC CUTS 11640 VENTURA BLVD. STUDIO CITY, CA 91604. MAJESTIC BURGERS 11640 VENTURA BLVD. STUDIO CITY, CA 91604. MAJESTIC FOODS 11640 VENTURA BLVD. STUDIO CITY, CA 91604. MAJESTIC GRILL 11640 VENTURA BLVD. STUDIO CITY, CA 91604. MAJESTIC LABS 11640 VENTURA BLVD. STUDIO CITY, CA 91604. MAJESTIC ROLLS 11640 VENTURA BLVD. STUDIO CITY, CA 91604. MAJESTIC SNACKS 11640 VENTURA BLVD. STUDIO CITY, CA 91604. MAJESTIC WINGS 11640 VENTURA BLVD. STUDIO CITY, CA 91604. THE WING KREW 11640 VENTURA BLVD. STUDIO CITY, CA 91604. WING DISTRICT 11640 VENTURA BLVD. STUDIO CITY, CA 91604. WING WOK 11640 VENTURA BLVD. STUDIO CITY, CA 91604. WINGEEZY 11640 VENTURA BLVD. STUDIO CITY, CA 91604. WINGS TONIGHT 11640 VENTURA BLVD. STUDIO CITY, CA 91604. BARBEQUE TONIGHT 11640 VENTURA BLVD. STUDIO CITY, CA 91604. BROAST TONIGHT 11640 VENTURA BLVD. STUDIO CITY, CA 91604. BROASTED CHICKEN 11640 VENTURA BLVD. STUDIO CITY, CA 91604. CAFE ZEN 11640 VENTURA BLVD. STUDIO CITY, CA 91604. CLUCKIN BELL 11640 VENTURA BLVD. STUDIO CITY, CA 91604. CLUCKIN' BITES 11640 VENTURA BLVD. STUDIO CITY, CA 91604. DESSERT TONIGHT 11640 VENTURA BLVD. STUDIO CITY, CA 91604. GUN SMOKE 11640 VENTURA BLVD. STUDIO CITY, CA 91604. MAJESTIC WINGS 11640 VENTURA BLVD. STUDIO CITY, CA 91604. ONE POUND TWO POUND 11640 VENTURA BLVD. STUDIO CITY, CA 91604. THE PATIO 11640 VENTURA BLVD. STUDIO CITY, CA 91604. WING MAJESTIC 11640 VENTURA BLVD. STUDIO CITY, CA 91604. KABAB MAJESTIC 11640 VENTURA BLVD. STUDIO CITY, CA 91604. MAJESTIC ADVENTURE CLUB 11640 VENTURA BLVD. STUDIO CITY, CA 91604. MAJESTIC AUDIO 11640 VENTURA BLVD. STUDIO CITY, CA 91604. MAJESTIC AUDIO VISUAL 11640 VENTURA BLVD. STUDIO CITY, CA 91604. MAJESTIC BODY 11640 VENTURA BLVD. STUDIO CITY, CA 91604. MAJESTIC COLLISION 11640 VENTURA BLVD. STUDIO CITY, CA 91604. MAJESTIC DESIGN GROUP 11640 VENTURA BLVD. STUDIO CITY, CA 91604. MAJESTIC DETAIL 11640 VENTURA BLVD. STUDIO CITY, CA 91604. MAJESTIC DISTRIBUTION 11640 VENTURA BLVD. STUDIO CITY, CA 91604. MAJESTIC EVENTS 11640 VENTURA BLVD. STUDIO CITY, CA 91604. MAJESTIC EXPORTS 11640 VENTURA BLVD. STUDIO CITY, CA 91604. MAJESTIC FLOORING 11640 VENTURA BLVD. STUDIO CITY, CA 91604. MAJESTIC HOME SERVICES 11640 VENTURA BLVD. STUDIO CITY, CA 91604. MAJESTIC IMPORTS 11640 VENTURA BLVD. STUDIO CITY, CA 91604. MAJESTIC LIMO 11640 VENTURA BLVD. STUDIO CITY, CA 91604. MAJESTIC REMODELING 11640 VENTURA BLVD. STUDIO CITY, CA 91604. MAJESTIC SOLAR 11640 VENTURA BLVD. STUDIO CITY, CA 91604. MAJESTIC STAFFING 11640 VENTURA BLVD. STUDIO CITY, CA 91604. MAJESTIC TIRES 11640 VENTURA BLVD. STUDIO CITY, CA 91604. MAJESTIC TOWING 11640 VENTURA BLVD. STUDIO CITY, CA 91604. MAJESTIC TRANSPORT 11640 VENTURA BLVD. STUDIO CITY, CA 91604. MAJESTIC TRAVEL 11640 VENTURA BLVD. STUDIO CITY, CA 91604. MAJESTIC WHEELS 11640 VENTURA BLVD. STUDIO CITY, CA 91604. MAJESTIC WRAPS 11640 VENTURA BLVD. STUDIO CITY, CA 91604. Full name of registrant(s) is (are) MAJESTIC LLC 3400 COTTAGE WAY STE G2 #7518 SACRAMENTO, CA 95825. This Business is conducted by: LLC. Signed: MAJESTIC LLC DANIAL AHMED SIDDIQUI, PRESIDENT. This statement was filed with the County Clerk of Los Angeles County on 12/17/2019. The registrant(s) has (have) commenced to transact business under the fictitious business name or names listed above on N/A. NOTICE- This Fictitious Name Statement expires five years from the date it was filed in the office of the County Clerk. A new Fictitious Business Name Statement must be filed prior to that date. The filing of this statement does not of itself authorize the use in this state of a Fictitious Business Name in violation of the rights of another under Federal, State, or common law (See section 14411 et seq. Business and Professions Code). Publish: ES Mountain Views News DEC 28,2019,JAN 4, 11, 18, 2020
FICTITIOUS BUSINESS NAME STATEMENT File No. 2019326119 The following person(s) is (are) doing business as: DREAMLIFE PRODUCTIONS 7217 ½ FULLER AVE. LOS ANGELES, CA 90046. Full name of registrant(s) is (are) MORRIS GUNEL 7217 ½ FULLER AVE. LOS ANGELES, CA 90046. This Business is conducted by: INDIVIDUAL. Signed: MORRIS GUNEL, OWNER. This statement was filed with the County Clerk of Los Angeles County on 12/20/2019. The registrant(s) has (have) commenced to transact business under the fictitious business name or names listed above on N/A. NOTICE- This Fictitious Name Statement expires five years from the date it was filed in the office of the County Clerk. A new Fictitious Business Name Statement must be filed prior to that date. The filing of this statement does not of itself authorize the use in this state of a Fictitious Business Name in violation of the rights of another under Federal, State, or common law (See section 14411 et seq. Business and Professions Code). Publish: ES Mountain Views News Dec28,2019andJan4,11,18,2020
FICTITIOUS BUSINESS NAME STATEMENT File No. 2019326375 The following person(s) is (are) doing business as: ROSA VELEZ 3651 S LA BREA AVE. LOS ANGELES, CA 90016. Full name of registrant(s) is (are) MEGAINTENSION LLC 3651 S LA BREA AVE. LOS ANGELES, CA 90016. This Business is conducted by: LLC. Signed: MEGAINTENSION LLC, ROSA VELEZ, MANAGER. This statement was filed with the County Clerk of Los Angeles County on 12/20/2019. The registrant(s) has (have) commenced to transact business under the fictitious business name or names listed above on N/A. NOTICE- This Fictitious Name Statement expires five years from the date it was filed in the office of the County Clerk. A new Fictitious Business Name Statement must be filed prior to that date. The filing of this statement does not of itself authorize the use in this state of a Fictitious Business Name in violation of the rights of another under Federal, State, or common law (See section 14411 et seq. Business and Professions Code). Publish: ES Mountain Views News Dec28,2019andJan4,11,18,2020
FICTITIOUS BUSINESS NAME STATEMENT File No. 2019326761 The following person(s) is (are) doing business as: WAIT ELECTRIC 1921 N BUENA VISTA ST. BURBANK, CA 91505. Full name of registrant(s) is (are) ARVIN KHACHATRIAN 1921 N BUENA VISTA ST. BURBANK, CA 91505. This Business is conducted by: INDIVIDUAL. Signed: ARVIN KHACHATRIAN, OWNER. This statement was filed with the County Clerk of Los Angeles County on 12/20/2019. The registrant(s) has (have) commenced to transact business under the fictitious business name or names listed above on N/A. NOTICE- This Fictitious Name Statement expires five years from the date it was filed in the office of the County Clerk. A new Fictitious Business Name Statement must be filed prior to that date. The filing of this statement does not of itself authorize the use in this state of a Fictitious Business Name in violation of the rights of another under Federal, State, or common law (See section 14411 et seq. Business and Professions Code). Publish: ES Mountain Views News Dec28,2019andJan4,11,18,2020
Mountain Views News 80 W Sierra Madre Blvd. No. 327 Sierra Madre, Ca. 91024 Office: 626.355.2737 Fax: 626.609.3285	Email: editor@mtnviewsnews.com Website: www.mtnviewsnews.com
